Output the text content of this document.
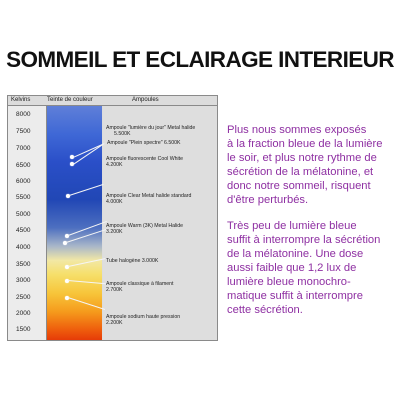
SOMMEIL ET ECLAIRAGE INTERIEUR
Kelvins	Teinte de couleur	Ampoules
8000
7500
7000
6500
6000
5500
5000
4500
4000
3500
3000
2500
2000
1500
Ampoule "Plein spectre" 6.500K
Ampoule "lumière du jour" Metal halide
5.500K
Ampoule fluorescente Cool White
4.200K
Ampoule Clear Metal halide standard
4.000K
Ampoule Warm (3K) Metal Halide
3.200K
Tube halogène 3.000K
Ampoule classique à filament
2.700K
Ampoule sodium haute pression
2.200K
Plus nous sommes exposés
à la fraction bleue de la lumière
le soir, et plus notre rythme de
sécrétion de la mélatonine, et
donc notre sommeil, risquent
d'être perturbés.
Très peu de lumière bleue
suffit à interrompre la sécrétion
de la mélatonine. Une dose
aussi faible que 1,2 lux de
lumière bleue monochro-
matique suffit à interrompre
cette sécrétion.
